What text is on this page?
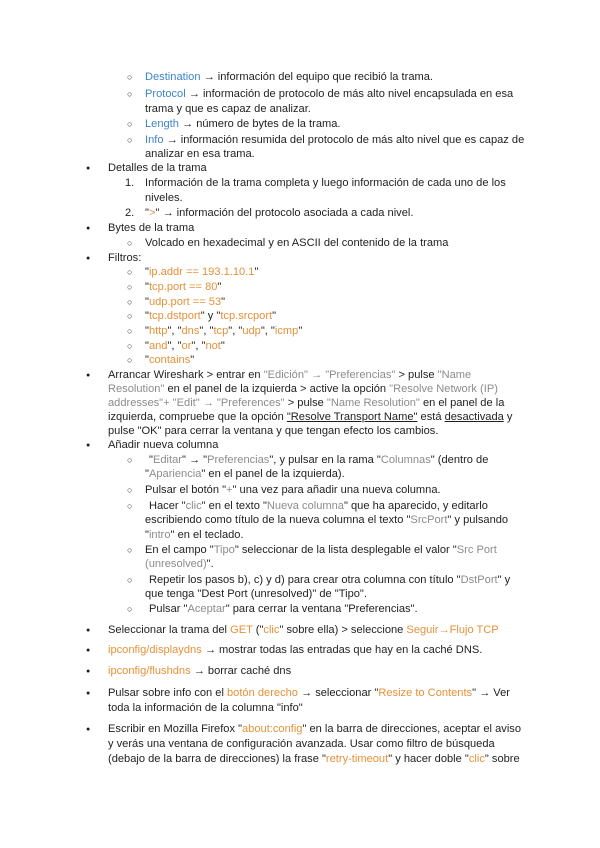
○
Destination → información del equipo que recibió la trama.
○
Protocol → información de protocolo de más alto nivel encapsulada en esa
trama y que es capaz de analizar.
○
Length → número de bytes de la trama.
○
Info → información resumida del protocolo de más alto nivel que es capaz de
analizar en esa trama.
●
Detalles de la trama
1. Información de la trama completa y luego información de cada uno de los
niveles.
2. ">" → información del protocolo asociada a cada nivel.
●
Bytes de la trama
○
Volcado en hexadecimal y en ASCII del contenido de la trama
●
Filtros:
○
"ip.addr == 193.1.10.1"
○
"tcp.port == 80"
○
"udp.port == 53"
○
"tcp.dstport" y "tcp.srcport"
○
"http", "dns", "tcp", "udp", "icmp"
○
"and", "or", "not"
○
"contains"
●
Arrancar Wireshark > entrar en "Edición" → "Preferencias" > pulse "Name
Resolution" en el panel de la izquierda > active la opción "Resolve Network (IP)
addresses"+ "Edit" → "Preferences" > pulse "Name Resolution" en el panel de la
izquierda, compruebe que la opción "Resolve Transport Name" está desactivada y
pulse "OK" para cerrar la ventana y que tengan efecto los cambios.
●
Añadir nueva columna
○
"Editar" → "Preferencias", y pulsar en la rama "Columnas" (dentro de
"Apariencia" en el panel de la izquierda).
○
Pulsar el botón "+" una vez para añadir una nueva columna.
○
Hacer "clic" en el texto "Nueva columna" que ha aparecido, y editarlo
escribiendo como título de la nueva columna el texto "SrcPort" y pulsando
"intro" en el teclado.
○
En el campo "Tipo" seleccionar de la lista desplegable el valor "Src Port
(unresolved)".
○
Repetir los pasos b), c) y d) para crear otra columna con título "DstPort" y
que tenga "Dest Port (unresolved)" de "Tipo".
○
Pulsar "Aceptar" para cerrar la ventana "Preferencias".
●
Seleccionar la trama del GET ("clic" sobre ella) > seleccione Seguir→Flujo TCP
●
ipconfig/displaydns → mostrar todas las entradas que hay en la caché DNS.
●
ipconfig/flushdns → borrar caché dns
●
Pulsar sobre info con el botón derecho → seleccionar "Resize to Contents" → Ver
toda la información de la columna "info"
●
Escribir en Mozilla Firefox "about:config" en la barra de direcciones, aceptar el aviso
y verás una ventana de configuración avanzada. Usar como filtro de búsqueda
(debajo de la barra de direcciones) la frase "retry-timeout" y hacer doble "clic" sobre
